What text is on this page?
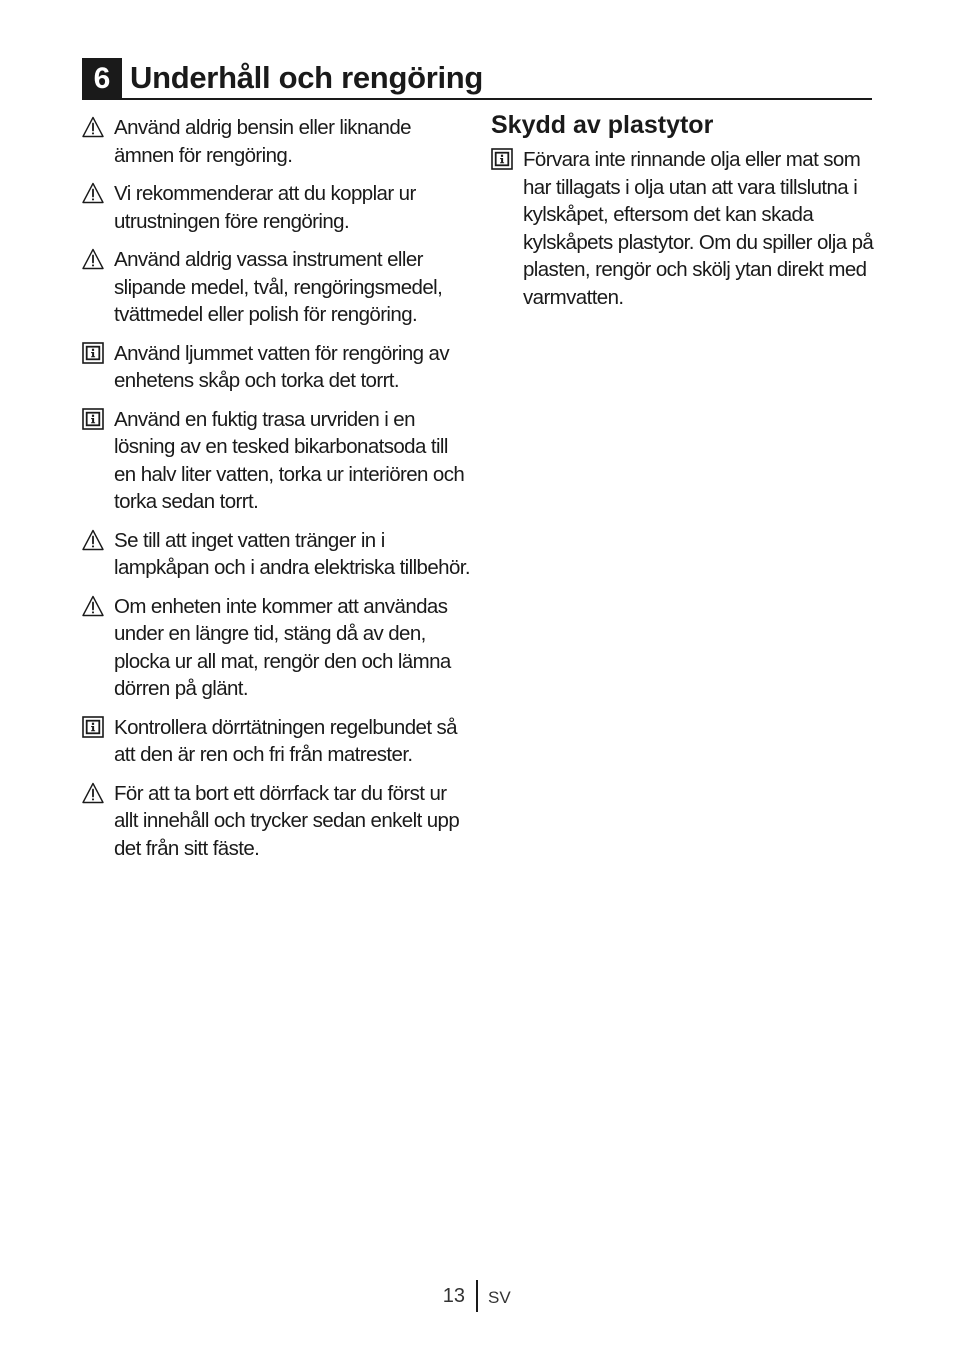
6 Underhåll och rengöring
Använd aldrig bensin eller liknande ämnen för rengöring.
Vi rekommenderar att du kopplar ur utrustningen före rengöring.
Använd aldrig vassa instrument eller slipande medel, tvål, rengöringsmedel, tvättmedel eller polish för rengöring.
Använd ljummet vatten för rengöring av enhetens skåp och torka det torrt.
Använd en fuktig trasa urvriden i en lösning av en tesked bikarbonatsoda till en halv liter vatten, torka ur interiören och torka sedan torrt.
Se till att inget vatten tränger in i lampkåpan och i andra elektriska tillbehör.
Om enheten inte kommer att användas under en längre tid, stäng då av den, plocka ur all mat, rengör den och lämna dörren på glänt.
Kontrollera dörrtätningen regelbundet så att den är ren och fri från matrester.
För att ta bort ett dörrfack tar du först ur allt innehåll och trycker sedan enkelt upp det från sitt fäste.
Skydd av plastytor
Förvara inte rinnande olja eller mat som har tillagats i olja utan att vara tillslutna i kylskåpet, eftersom det kan skada kylskåpets plastytor. Om du spiller olja på plasten, rengör och skölj ytan direkt med varmvatten.
13 SV
